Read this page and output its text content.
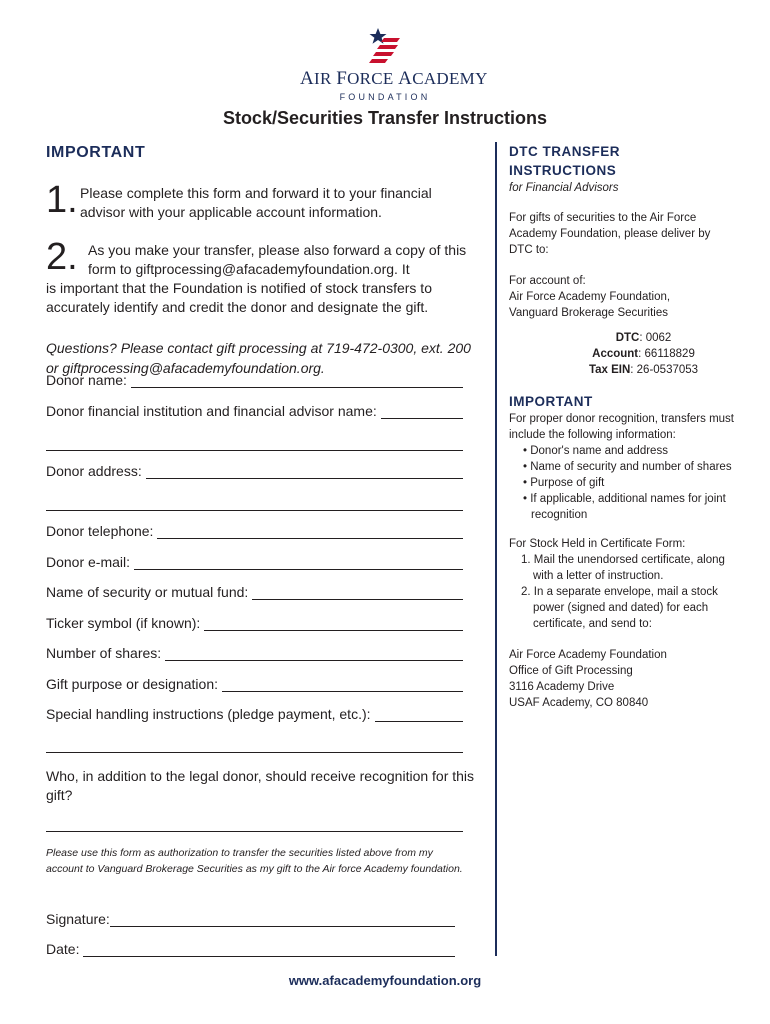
AIR FORCE ACADEMY
FOUNDATION
Stock/Securities Transfer Instructions
IMPORTANT
1. Please complete this form and forward it to your financial advisor with your applicable account information.
2. As you make your transfer, please also forward a copy of this form to giftprocessing@afacademyfoundation.org. It
is important that the Foundation is notified of stock transfers to accurately identify and credit the donor and designate the gift.
Questions? Please contact gift processing at 719-472-0300, ext. 200 or giftprocessing@afacademyfoundation.org.
Donor name:
Donor financial institution and financial advisor name:
Donor address:
Donor telephone:
Donor e-mail:
Name of security or mutual fund:
Ticker symbol (if known):
Number of shares:
Gift purpose or designation:
Special handling instructions (pledge payment, etc.):
Who, in addition to the legal donor, should receive recognition for this gift?
Please use this form as authorization to transfer the securities listed above from my account to Vanguard Brokerage Securities as my gift to the Air force Academy foundation.
Signature:
Date:
DTC TRANSFER
INSTRUCTIONS
for Financial Advisors
For gifts of securities to the Air Force Academy Foundation, please deliver by DTC to:
For account of:
Air Force Academy Foundation,
Vanguard Brokerage Securities
DTC: 0062
Account: 66118829
Tax EIN: 26-0537053
IMPORTANT
For proper donor recognition, transfers must include the following information:
• Donor's name and address
• Name of security and number of shares
• Purpose of gift
• If applicable, additional names for joint recognition
For Stock Held in Certificate Form:
1. Mail the unendorsed certificate, along with a letter of instruction.
2. In a separate envelope, mail a stock power (signed and dated) for each certificate, and send to:
Air Force Academy Foundation
Office of Gift Processing
3116 Academy Drive
USAF Academy, CO 80840
www.afacademyfoundation.org
